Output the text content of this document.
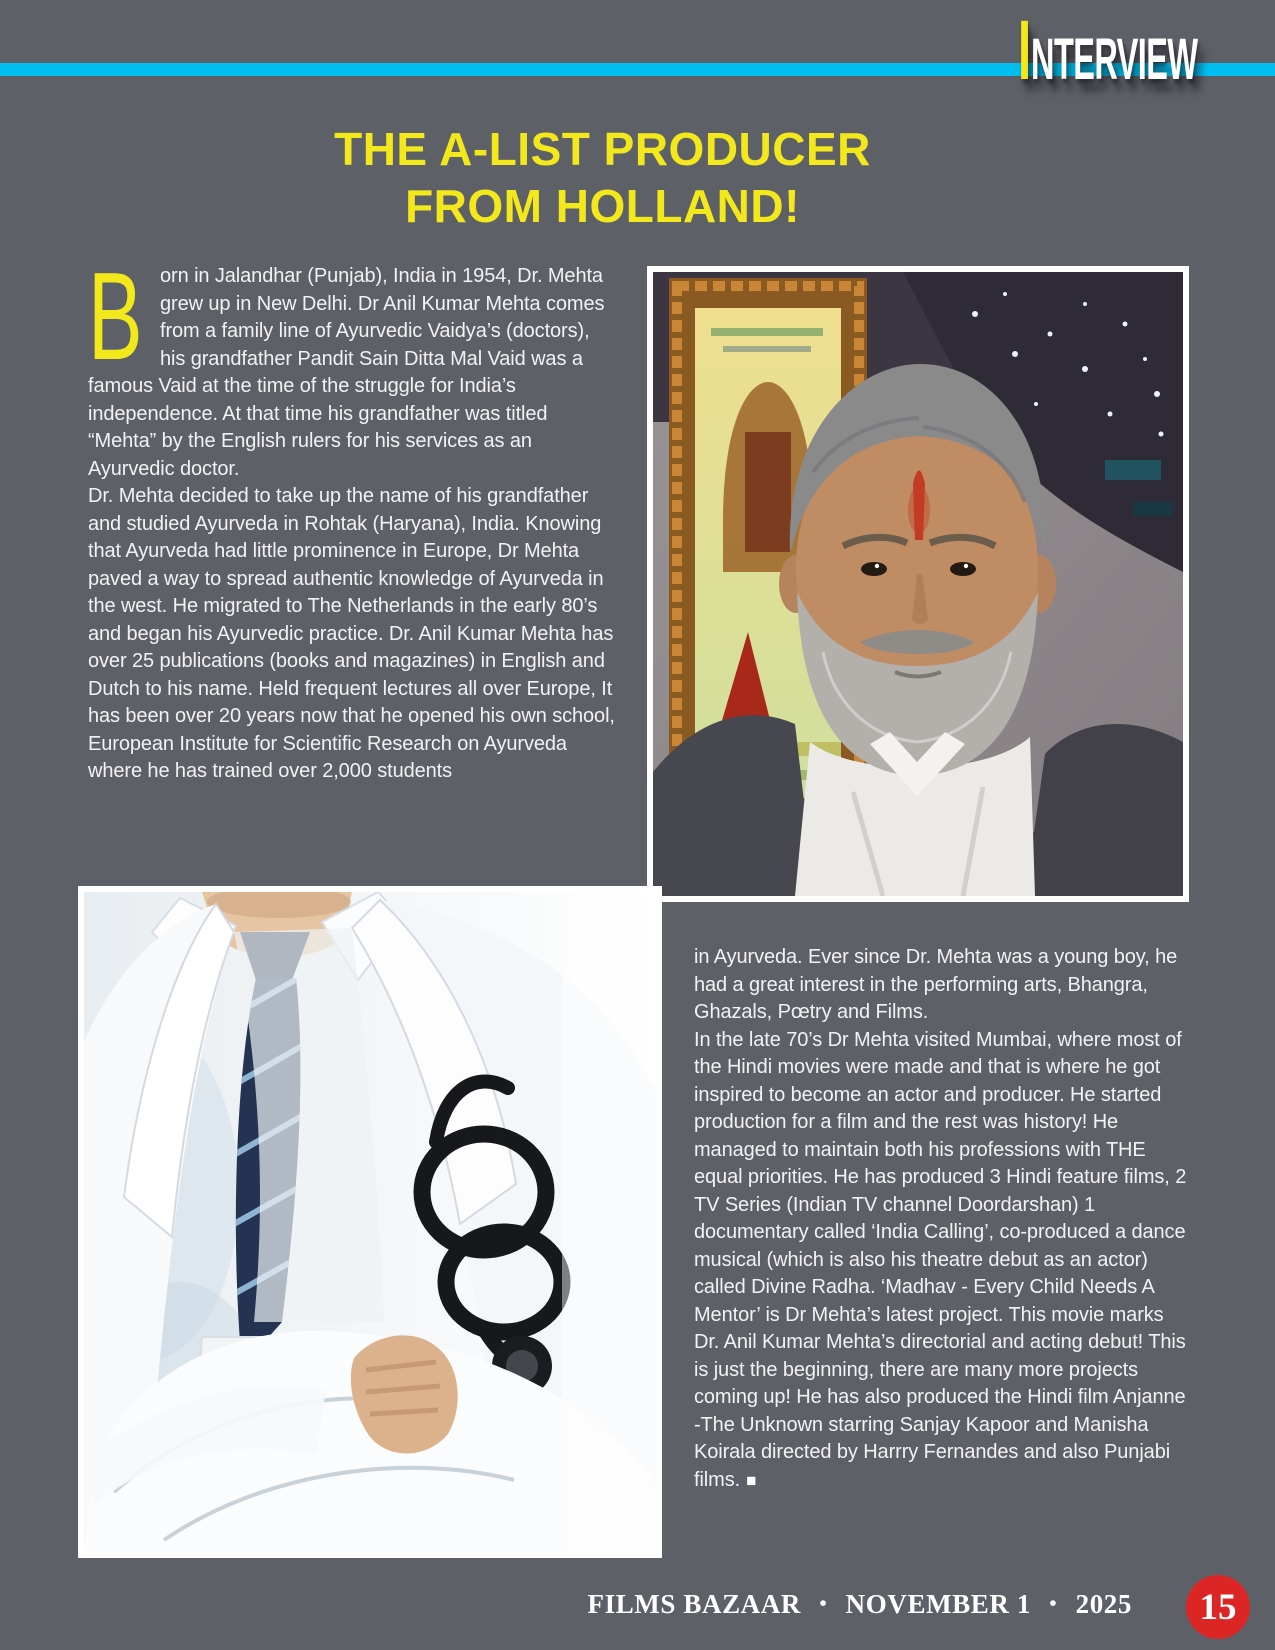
INTERVIEW
THE A-LIST PRODUCER
FROM HOLLAND!

B orn in Jalandhar (Punjab), India in 1954, Dr. Mehta grew up in New Delhi. Dr Anil Kumar Mehta comes from a family line of Ayurvedic Vaidya’s (doctors), his grandfather Pandit Sain Ditta Mal Vaid was a famous Vaid at the time of the struggle for India’s independence. At that time his grandfather was titled “Mehta” by the English rulers for his services as an Ayurvedic doctor.

Dr. Mehta decided to take up the name of his grandfather and studied Ayurveda in Rohtak (Haryana), India. Knowing that Ayurveda had little prominence in Europe, Dr Mehta paved a way to spread authentic knowledge of Ayurveda in the west. He migrated to The Netherlands in the early 80’s and began his Ayurvedic practice. Dr. Anil Kumar Mehta has over 25 publications (books and magazines) in English and Dutch to his name. Held frequent lectures all over Europe, It has been over 20 years now that he opened his own school, European Institute for Scientific Research on Ayurveda where he has trained over 2,000 students

in Ayurveda. Ever since Dr. Mehta was a young boy, he had a great interest in the performing arts, Bhangra, Ghazals, Pœtry and Films.

In the late 70’s Dr Mehta visited Mumbai, where most of the Hindi movies were made and that is where he got inspired to become an actor and producer. He started production for a film and the rest was history! He managed to maintain both his professions with THE equal priorities. He has produced 3 Hindi feature films, 2 TV Series (Indian TV channel Doordarshan) 1 documentary called ‘India Calling’, co-produced a dance musical (which is also his theatre debut as an actor) called Divine Radha. ‘Madhav - Every Child Needs A Mentor’ is Dr Mehta’s latest project. This movie marks Dr. Anil Kumar Mehta’s directorial and acting debut! This is just the beginning, there are many more projects coming up! He has also produced the Hindi film Anjanne -The Unknown starring Sanjay Kapoor and Manisha Koirala directed by Harrry Fernandes and also Punjabi films. ■

FILMS BAZAAR • NOVEMBER 1 • 2025 15
